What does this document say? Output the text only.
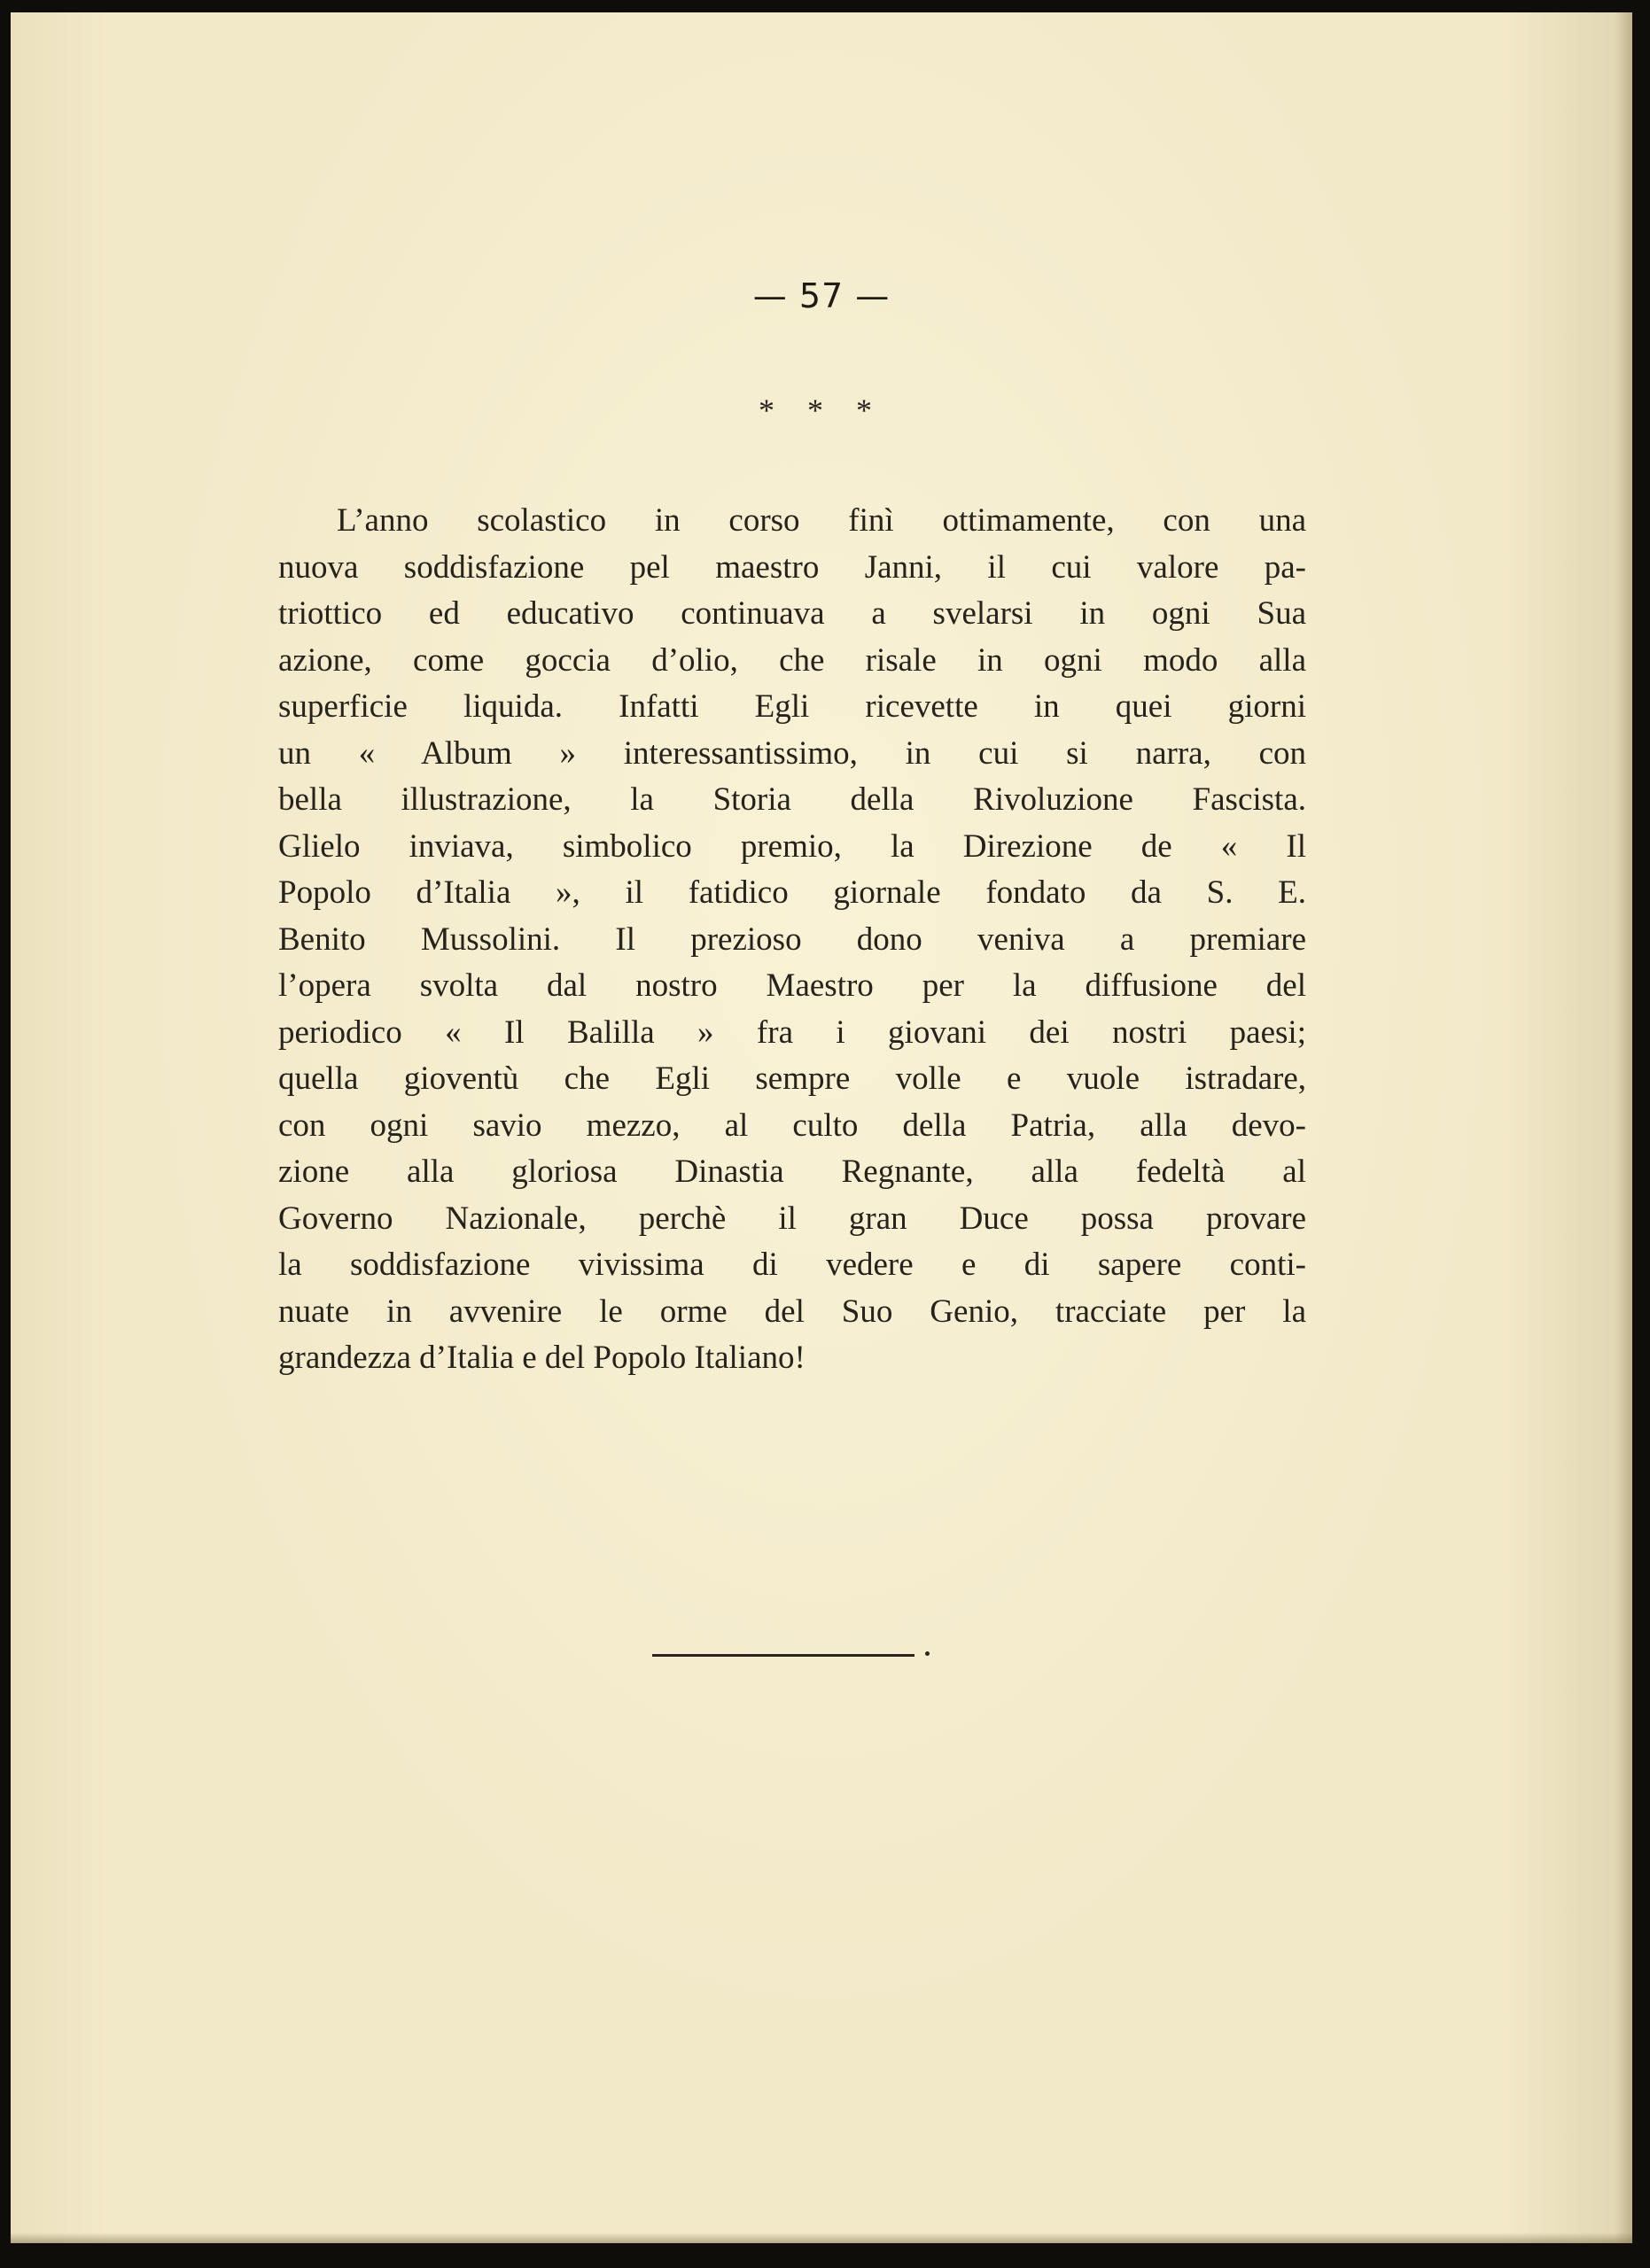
— 57 —
* * *
L’anno scolastico in corso finì ottimamente, con una
nuova soddisfazione pel maestro Janni, il cui valore pa-
triottico ed educativo continuava a svelarsi in ogni Sua
azione, come goccia d’olio, che risale in ogni modo alla
superficie liquida. Infatti Egli ricevette in quei giorni
un « Album » interessantissimo, in cui si narra, con
bella illustrazione, la Storia della Rivoluzione Fascista.
Glielo inviava, simbolico premio, la Direzione de « Il
Popolo d’Italia », il fatidico giornale fondato da S. E.
Benito Mussolini. Il prezioso dono veniva a premiare
l’opera svolta dal nostro Maestro per la diffusione del
periodico « Il Balilla » fra i giovani dei nostri paesi;
quella gioventù che Egli sempre volle e vuole istradare,
con ogni savio mezzo, al culto della Patria, alla devo-
zione alla gloriosa Dinastia Regnante, alla fedeltà al
Governo Nazionale, perchè il gran Duce possa provare
la soddisfazione vivissima di vedere e di sapere conti-
nuate in avvenire le orme del Suo Genio, tracciate per la
grandezza d’Italia e del Popolo Italiano!
